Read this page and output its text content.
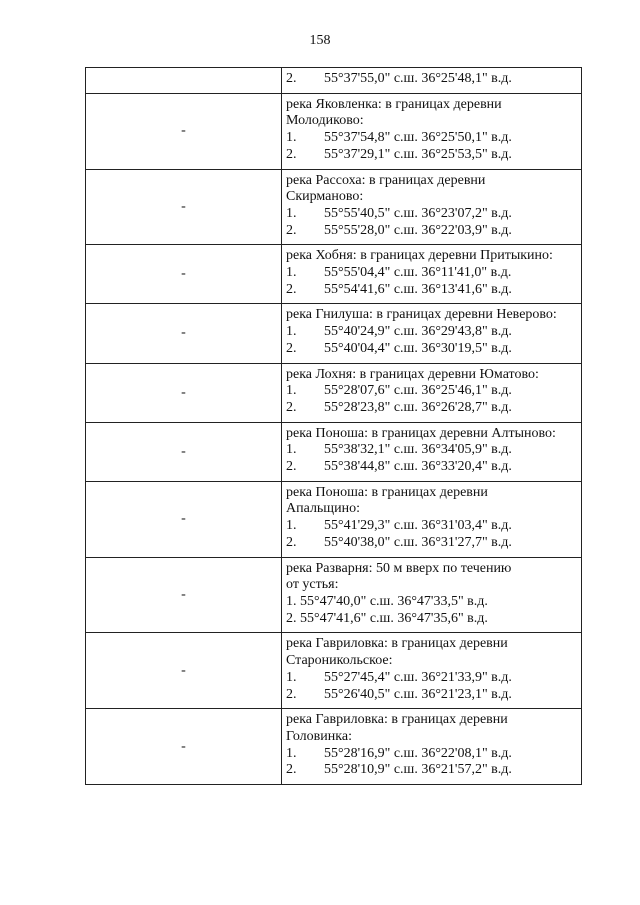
158

	2. 55°37'55,0" с.ш. 36°25'48,1" в.д.

-	река Яковленка: в границах деревни
Молодиково:
1. 55°37'54,8" с.ш. 36°25'50,1" в.д.
2. 55°37'29,1" с.ш. 36°25'53,5" в.д.

-	река Рассоха: в границах деревни
Скирманово:
1. 55°55'40,5" с.ш. 36°23'07,2" в.д.
2. 55°55'28,0" с.ш. 36°22'03,9" в.д.

-	река Хобня: в границах деревни Притыкино:
1. 55°55'04,4" с.ш. 36°11'41,0" в.д.
2. 55°54'41,6" с.ш. 36°13'41,6" в.д.

-	река Гнилуша: в границах деревни Неверово:
1. 55°40'24,9" с.ш. 36°29'43,8" в.д.
2. 55°40'04,4" с.ш. 36°30'19,5" в.д.

-	река Лохня: в границах деревни Юматово:
1. 55°28'07,6" с.ш. 36°25'46,1" в.д.
2. 55°28'23,8" с.ш. 36°26'28,7" в.д.

-	река Поноша: в границах деревни Алтыново:
1. 55°38'32,1" с.ш. 36°34'05,9" в.д.
2. 55°38'44,8" с.ш. 36°33'20,4" в.д.

-	река Поноша: в границах деревни
Апальщино:
1. 55°41'29,3" с.ш. 36°31'03,4" в.д.
2. 55°40'38,0" с.ш. 36°31'27,7" в.д.

-	река Разварня: 50 м вверх по течению
от устья:
1. 55°47'40,0" с.ш. 36°47'33,5" в.д.
2. 55°47'41,6" с.ш. 36°47'35,6" в.д.

-	река Гавриловка: в границах деревни
Староникольское:
1. 55°27'45,4" с.ш. 36°21'33,9" в.д.
2. 55°26'40,5" с.ш. 36°21'23,1" в.д.

-	река Гавриловка: в границах деревни
Головинка:
1. 55°28'16,9" с.ш. 36°22'08,1" в.д.
2. 55°28'10,9" с.ш. 36°21'57,2" в.д.
